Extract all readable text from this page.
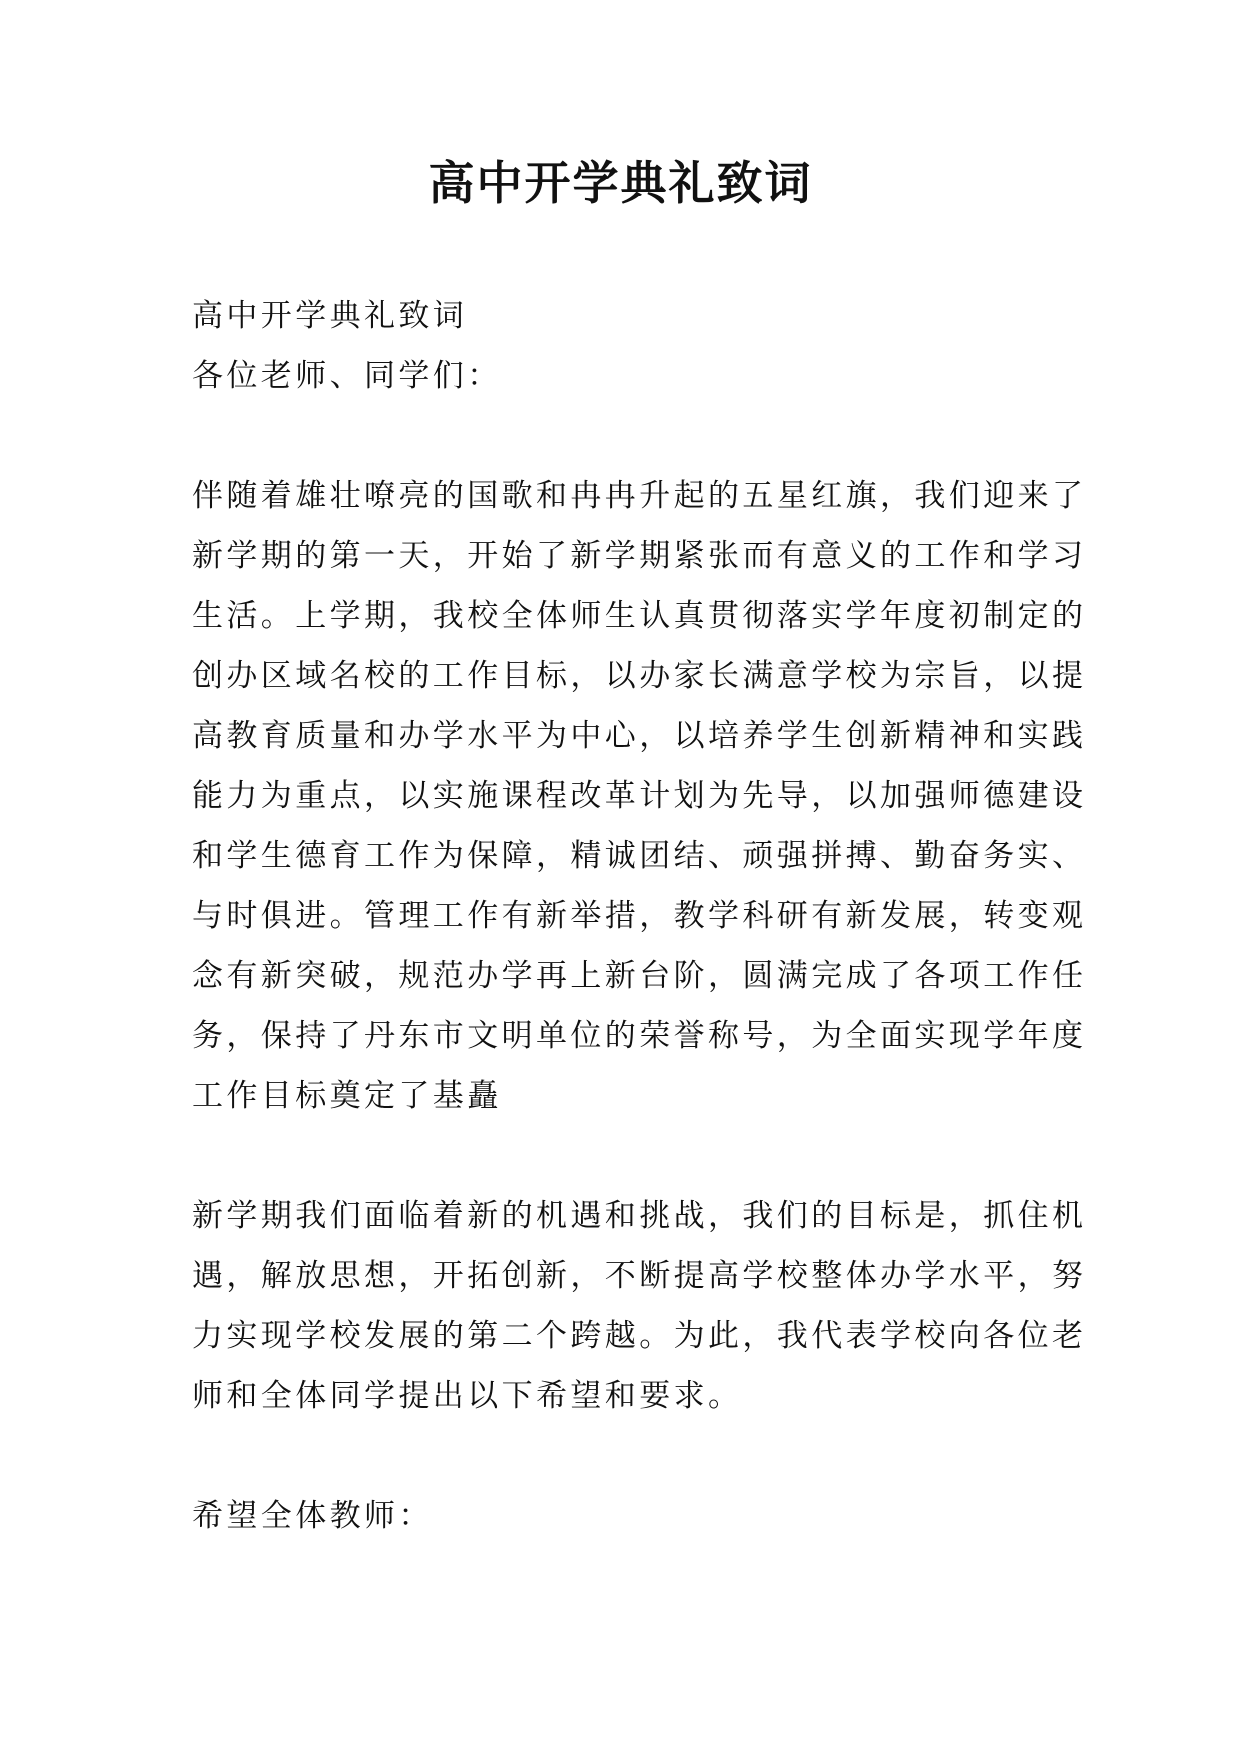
高中开学典礼致词
高中开学典礼致词
各位老师、同学们：
伴随着雄壮嘹亮的国歌和冉冉升起的五星红旗，我们迎来了
新学期的第一天，开始了新学期紧张而有意义的工作和学习
生活。上学期，我校全体师生认真贯彻落实学年度初制定的
创办区域名校的工作目标，以办家长满意学校为宗旨，以提
高教育质量和办学水平为中心，以培养学生创新精神和实践
能力为重点，以实施课程改革计划为先导，以加强师德建设
和学生德育工作为保障，精诚团结、顽强拼搏、勤奋务实、
与时俱进。管理工作有新举措，教学科研有新发展，转变观
念有新突破，规范办学再上新台阶，圆满完成了各项工作任
务，保持了丹东市文明单位的荣誉称号，为全面实现学年度
工作目标奠定了基矗
新学期我们面临着新的机遇和挑战，我们的目标是，抓住机
遇，解放思想，开拓创新，不断提高学校整体办学水平，努
力实现学校发展的第二个跨越。为此，我代表学校向各位老
师和全体同学提出以下希望和要求。
希望全体教师：
